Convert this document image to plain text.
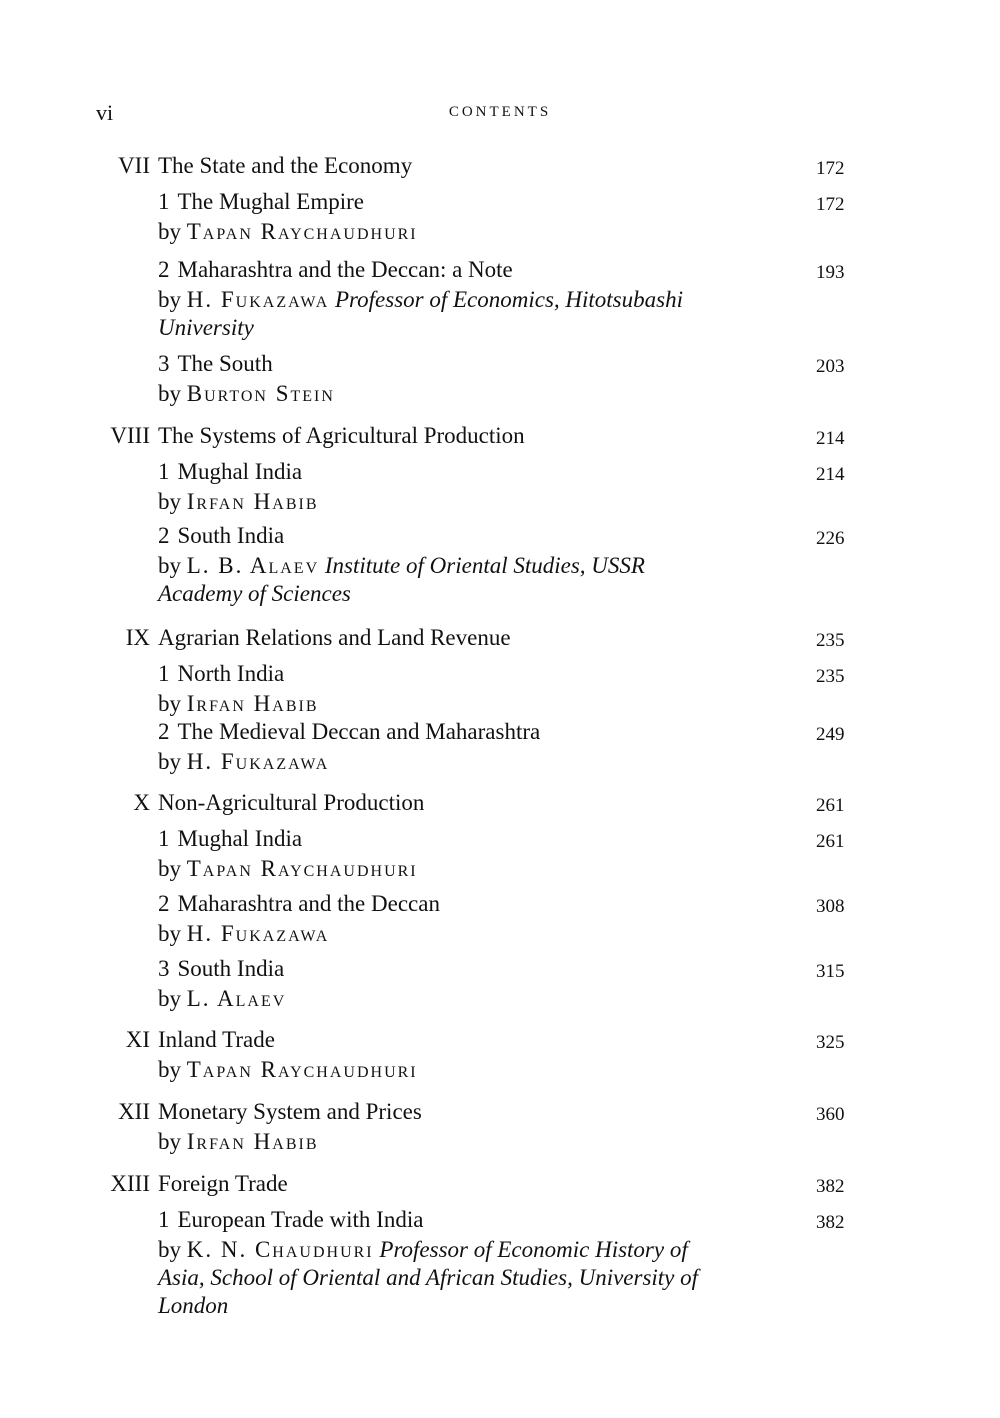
vi	CONTENTS
VII The State and the Economy	172
1 The Mughal Empire	172
by Tapan Raychaudhuri
2 Maharashtra and the Deccan: a Note	193
by H. Fukazawa Professor of Economics, Hitotsubashi
University
3 The South	203
by Burton Stein
VIII The Systems of Agricultural Production	214
1 Mughal India	214
by Irfan Habib
2 South India	226
by L. B. Alaev Institute of Oriental Studies, USSR
Academy of Sciences
IX Agrarian Relations and Land Revenue	235
1 North India	235
by Irfan Habib
2 The Medieval Deccan and Maharashtra	249
by H. Fukazawa
X Non-Agricultural Production	261
1 Mughal India	261
by Tapan Raychaudhuri
2 Maharashtra and the Deccan	308
by H. Fukazawa
3 South India	315
by L. Alaev
XI Inland Trade	325
by Tapan Raychaudhuri
XII Monetary System and Prices	360
by Irfan Habib
XIII Foreign Trade	382
1 European Trade with India	382
by K. N. Chaudhuri Professor of Economic History of
Asia, School of Oriental and African Studies, University of
London
